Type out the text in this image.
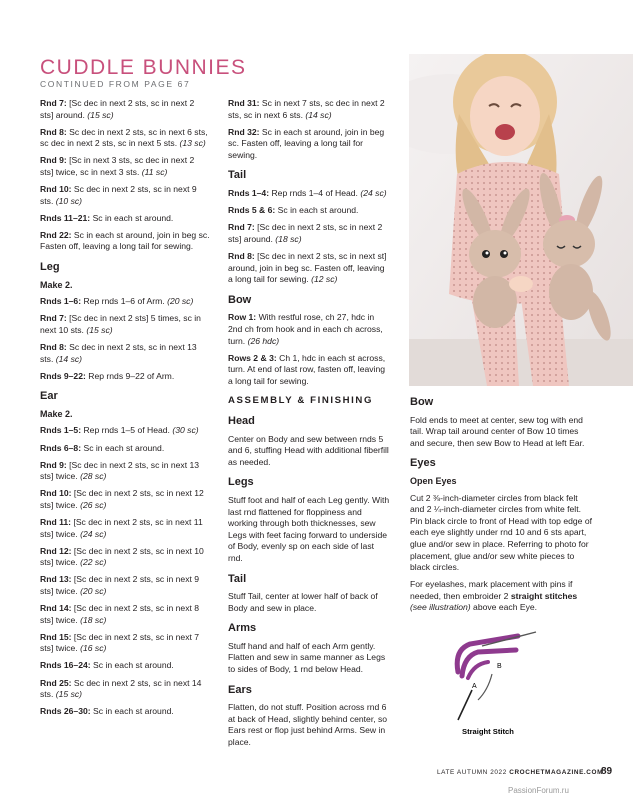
CUDDLE BUNNIES
CONTINUED FROM PAGE 67

Rnd 7: [Sc dec in next 2 sts, sc in next 2 sts] around. (15 sc)

Rnd 8: Sc dec in next 2 sts, sc in next 6 sts, sc dec in next 2 sts, sc in next 5 sts. (13 sc)

Rnd 9: [Sc in next 3 sts, sc dec in next 2 sts] twice, sc in next 3 sts. (11 sc)

Rnd 10: Sc dec in next 2 sts, sc in next 9 sts. (10 sc)

Rnds 11–21: Sc in each st around.

Rnd 22: Sc in each st around, join in beg sc. Fasten off, leaving a long tail for sewing.

Leg
Make 2.

Rnds 1–6: Rep rnds 1–6 of Arm. (20 sc)

Rnd 7: [Sc dec in next 2 sts] 5 times, sc in next 10 sts. (15 sc)

Rnd 8: Sc dec in next 2 sts, sc in next 13 sts. (14 sc)

Rnds 9–22: Rep rnds 9–22 of Arm.

Ear
Make 2.

Rnds 1–5: Rep rnds 1–5 of Head. (30 sc)

Rnds 6–8: Sc in each st around.

Rnd 9: [Sc dec in next 2 sts, sc in next 13 sts] twice. (28 sc)

Rnd 10: [Sc dec in next 2 sts, sc in next 12 sts] twice. (26 sc)

Rnd 11: [Sc dec in next 2 sts, sc in next 11 sts] twice. (24 sc)

Rnd 12: [Sc dec in next 2 sts, sc in next 10 sts] twice. (22 sc)

Rnd 13: [Sc dec in next 2 sts, sc in next 9 sts] twice. (20 sc)

Rnd 14: [Sc dec in next 2 sts, sc in next 8 sts] twice. (18 sc)

Rnd 15: [Sc dec in next 2 sts, sc in next 7 sts] twice. (16 sc)

Rnds 16–24: Sc in each st around.

Rnd 25: Sc dec in next 2 sts, sc in next 14 sts. (15 sc)

Rnds 26–30: Sc in each st around.

Rnd 31: Sc in next 7 sts, sc dec in next 2 sts, sc in next 6 sts. (14 sc)

Rnd 32: Sc in each st around, join in beg sc. Fasten off, leaving a long tail for sewing.

Tail

Rnds 1–4: Rep rnds 1–4 of Head. (24 sc)

Rnds 5 & 6: Sc in each st around.

Rnd 7: [Sc dec in next 2 sts, sc in next 2 sts] around. (18 sc)

Rnd 8: [Sc dec in next 2 sts, sc in next st] around, join in beg sc. Fasten off, leaving a long tail for sewing. (12 sc)

Bow

Row 1: With restful rose, ch 27, hdc in 2nd ch from hook and in each ch across, turn. (26 hdc)

Rows 2 & 3: Ch 1, hdc in each st across, turn. At end of last row, fasten off, leaving a long tail for sewing.

ASSEMBLY & FINISHING
Head

Center on Body and sew between rnds 5 and 6, stuffing Head with additional fiberfill as needed.

Legs

Stuff foot and half of each Leg gently. With last rnd flattened for floppiness and working through both thicknesses, sew Legs with feet facing forward to underside of Body, evenly sp on each side of last rnd.

Tail

Stuff Tail, center at lower half of back of Body and sew in place.

Arms

Stuff hand and half of each Arm gently. Flatten and sew in same manner as Legs to sides of Body, 1 rnd below Head.

Ears

Flatten, do not stuff. Position across rnd 6 at back of Head, slightly behind center, so Ears rest or flop just behind Arms. Sew in place.

Bow

Fold ends to meet at center, sew tog with end tail. Wrap tail around center of Bow 10 times and secure, then sew Bow to Head at left Ear.

Eyes
Open Eyes

Cut 2 ⅜-inch-diameter circles from black felt and 2 ¼-inch-diameter circles from white felt. Pin black circle to front of Head with top edge of each eye slightly under rnd 10 and 6 sts apart, glue and/or sew in place. Referring to photo for placement, glue and/or sew white pieces to black circles.

For eyelashes, mark placement with pins if needed, then embroider 2 straight stitches (see illustration) above each Eye.

B
A
Straight Stitch
LATE AUTUMN 2022 CROCHETMAGAZINE.COM
89
PassionForum.ru
